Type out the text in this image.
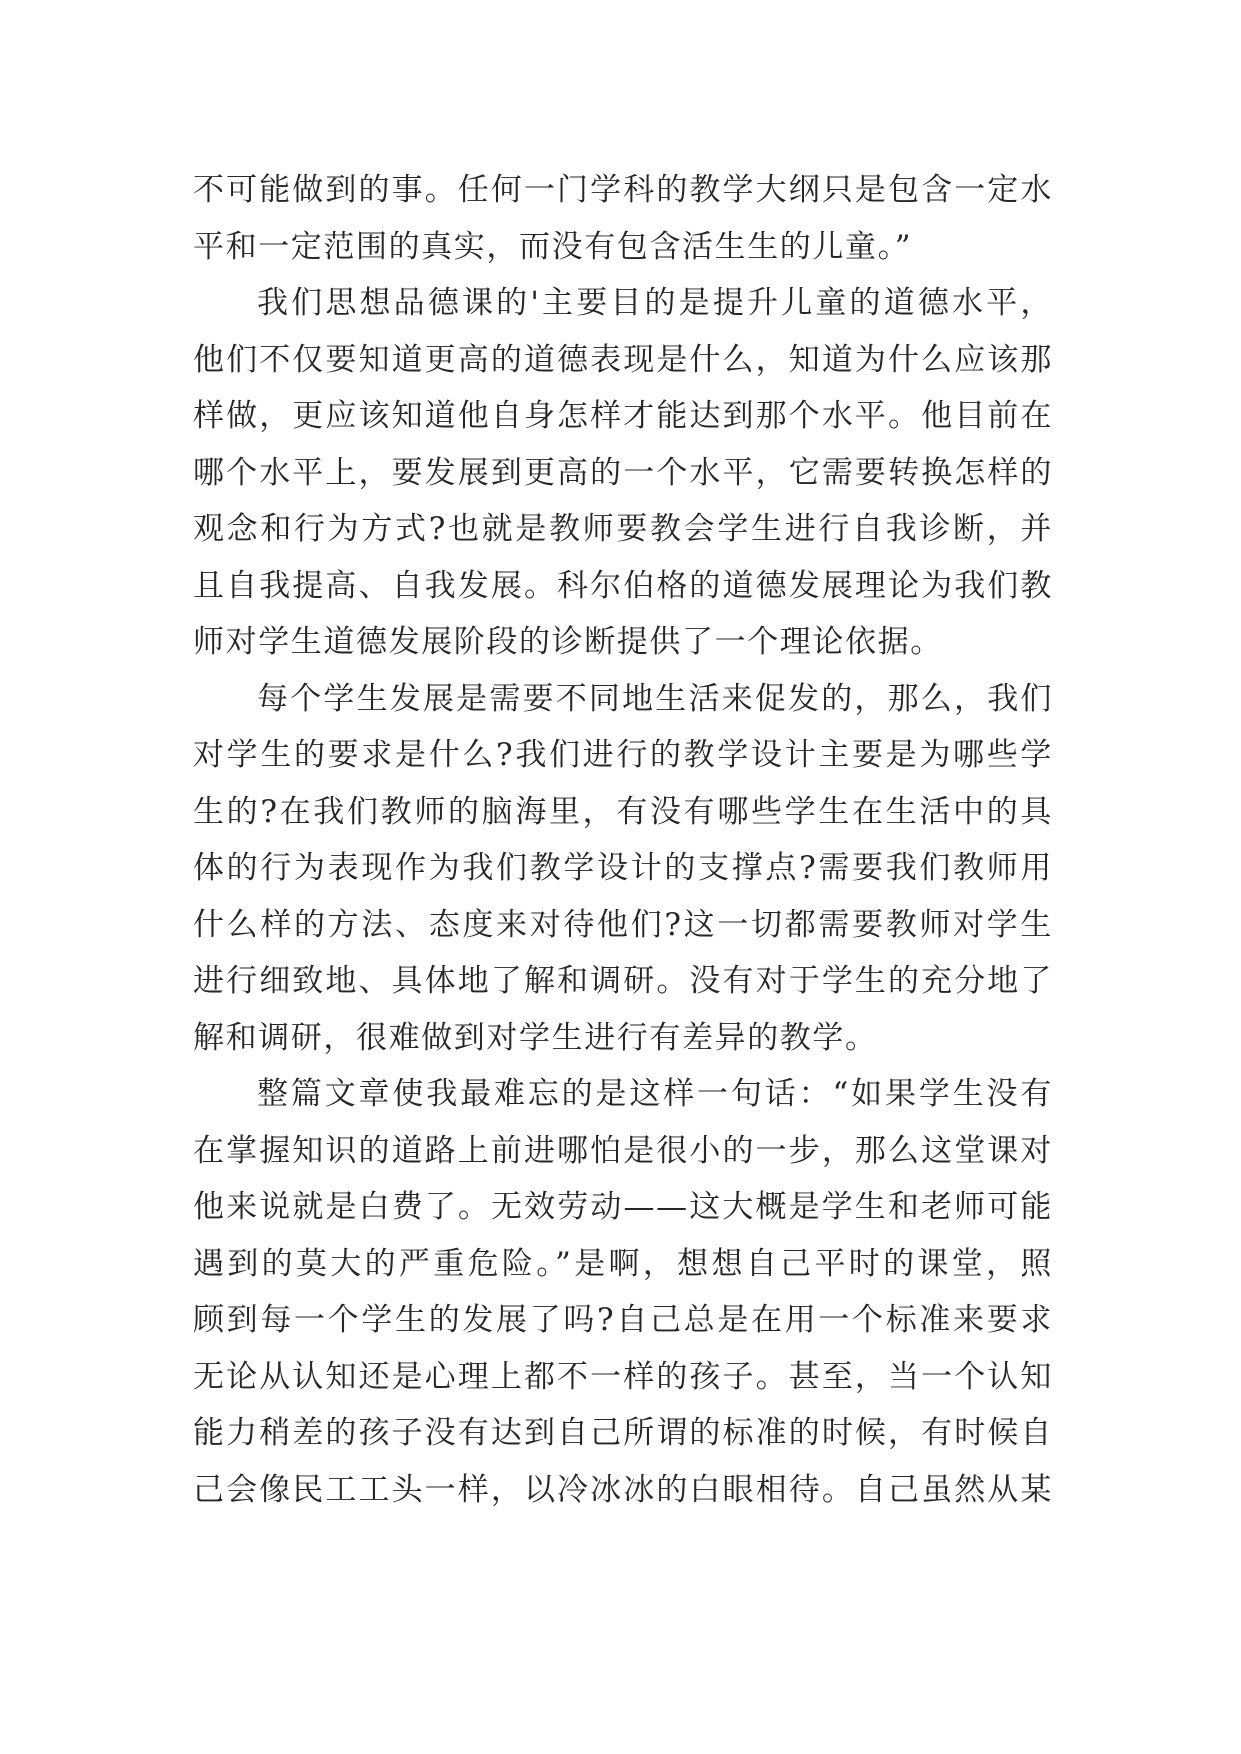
不可能做到的事。任何一门学科的教学大纲只是包含一定水
平和一定范围的真实，而没有包含活生生的儿童。”
我们思想品德课的'主要目的是提升儿童的道德水平，
他们不仅要知道更高的道德表现是什么，知道为什么应该那
样做，更应该知道他自身怎样才能达到那个水平。他目前在
哪个水平上，要发展到更高的一个水平，它需要转换怎样的
观念和行为方式?也就是教师要教会学生进行自我诊断，并
且自我提高、自我发展。科尔伯格的道德发展理论为我们教
师对学生道德发展阶段的诊断提供了一个理论依据。
每个学生发展是需要不同地生活来促发的，那么，我们
对学生的要求是什么?我们进行的教学设计主要是为哪些学
生的?在我们教师的脑海里，有没有哪些学生在生活中的具
体的行为表现作为我们教学设计的支撑点?需要我们教师用
什么样的方法、态度来对待他们?这一切都需要教师对学生
进行细致地、具体地了解和调研。没有对于学生的充分地了
解和调研，很难做到对学生进行有差异的教学。
整篇文章使我最难忘的是这样一句话：“如果学生没有
在掌握知识的道路上前进哪怕是很小的一步，那么这堂课对
他来说就是白费了。无效劳动——这大概是学生和老师可能
遇到的莫大的严重危险。”是啊，想想自己平时的课堂，照
顾到每一个学生的发展了吗?自己总是在用一个标准来要求
无论从认知还是心理上都不一样的孩子。甚至，当一个认知
能力稍差的孩子没有达到自己所谓的标准的时候，有时候自
己会像民工工头一样，以冷冰冰的白眼相待。自己虽然从某
